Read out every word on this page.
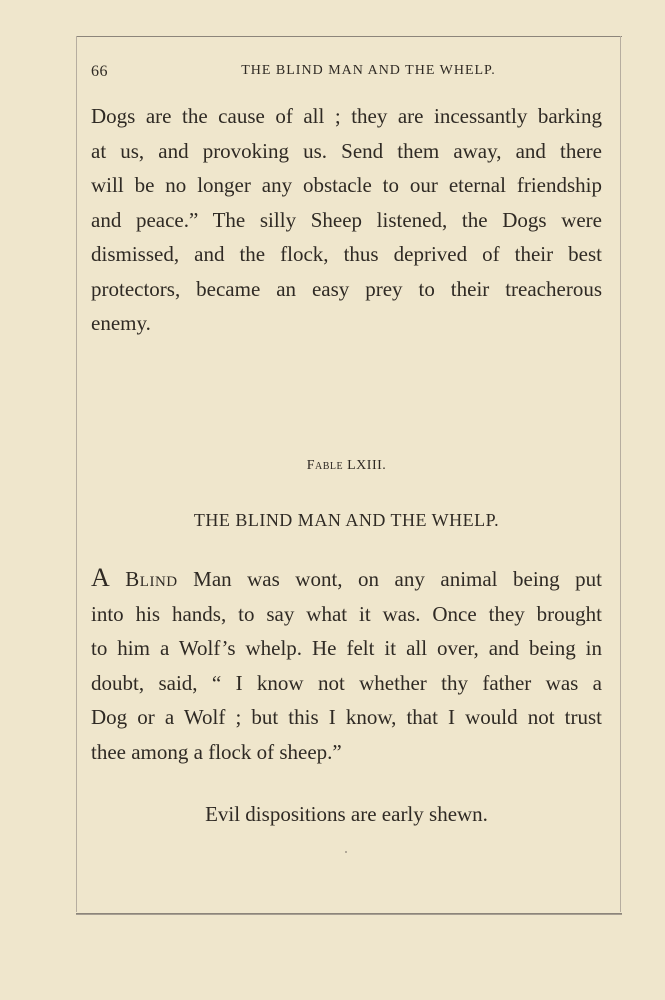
66	THE BLIND MAN AND THE WHELP.
Dogs are the cause of all ; they are incessantly barking
at us, and provoking us. Send them away, and there
will be no longer any obstacle to our eternal friendship
and peace.” The silly Sheep listened, the Dogs were
dismissed, and the flock, thus deprived of their best
protectors, became an easy prey to their treacherous
enemy.
Fable LXIII.
THE BLIND MAN AND THE WHELP.
A Blind Man was wont, on any animal being put
into his hands, to say what it was. Once they brought
to him a Wolf’s whelp. He felt it all over, and being in
doubt, said, “ I know not whether thy father was a
Dog or a Wolf ; but this I know, that I would not trust
thee among a flock of sheep.”
Evil dispositions are early shewn.
